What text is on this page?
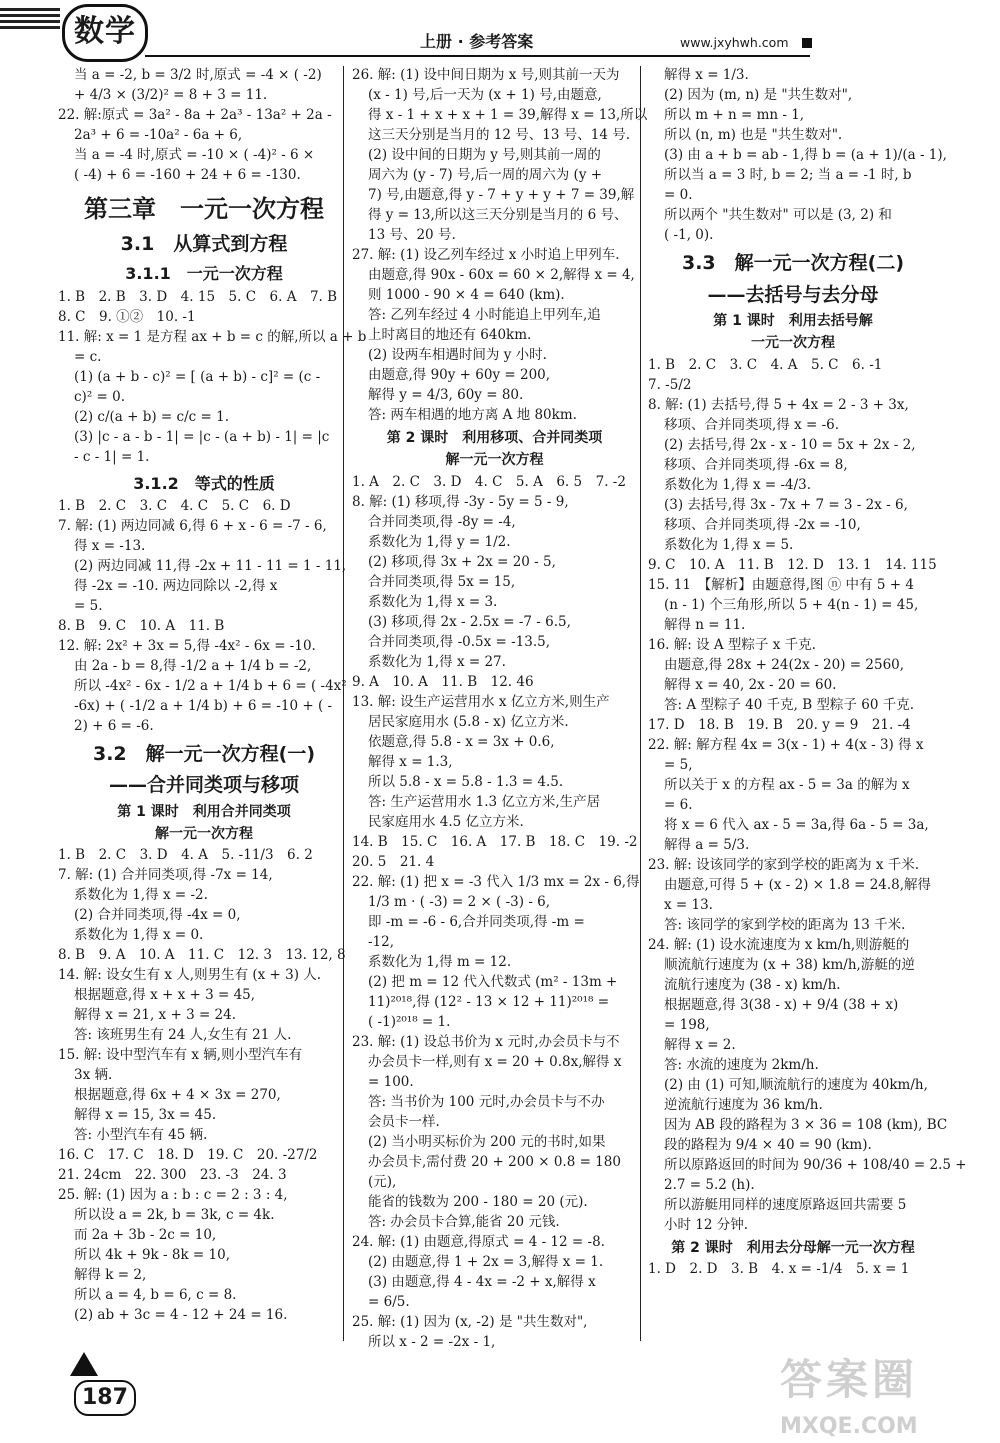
数学	上册 · 参考答案	www.jxyhwh.com

当 a = -2, b = 3/2 时,原式 = -4 × ( -2)

+ 4/3 × (3/2)² = 8 + 3 = 11.

22. 解:原式 = 3a² - 8a + 2a³ - 13a² + 2a -

2a³ + 6 = -10a² - 6a + 6,

当 a = -4 时,原式 = -10 × ( -4)² - 6 ×

( -4) + 6 = -160 + 24 + 6 = -130.

第三章　一元一次方程

3.1　从算式到方程

3.1.1　一元一次方程

1. B　2. B　3. D　4. 15　5. C　6. A　7. B

8. C　9. ①②　10. -1

11. 解: x = 1 是方程 ax + b = c 的解,所以 a + b

= c.

(1) (a + b - c)² = [ (a + b) - c]² = (c -

c)² = 0.

(2) c/(a + b) = c/c = 1.

(3) |c - a - b - 1| = |c - (a + b) - 1| = |c

- c - 1| = 1.

3.1.2　等式的性质

1. B　2. C　3. C　4. C　5. C　6. D

7. 解: (1) 两边同减 6,得 6 + x - 6 = -7 - 6,

得 x = -13.

(2) 两边同减 11,得 -2x + 11 - 11 = 1 - 11,

得 -2x = -10. 两边同除以 -2,得 x

= 5.

8. B　9. C　10. A　11. B

12. 解: 2x² + 3x = 5,得 -4x² - 6x = -10.

由 2a - b = 8,得 -1/2 a + 1/4 b = -2,

所以 -4x² - 6x - 1/2 a + 1/4 b + 6 = ( -4x²

-6x) + ( -1/2 a + 1/4 b) + 6 = -10 + ( -

2) + 6 = -6.

3.2　解一元一次方程(一)

——合并同类项与移项

第 1 课时　利用合并同类项

解一元一次方程

1. B　2. C　3. D　4. A　5. -11/3　6. 2

7. 解: (1) 合并同类项,得 -7x = 14,

系数化为 1,得 x = -2.

(2) 合并同类项,得 -4x = 0,

系数化为 1,得 x = 0.

8. B　9. A　10. A　11. C　12. 3　13. 12, 8

14. 解: 设女生有 x 人,则男生有 (x + 3) 人.

根据题意,得 x + x + 3 = 45,

解得 x = 21, x + 3 = 24.

答: 该班男生有 24 人,女生有 21 人.

15. 解: 设中型汽车有 x 辆,则小型汽车有

3x 辆.

根据题意,得 6x + 4 × 3x = 270,

解得 x = 15, 3x = 45.

答: 小型汽车有 45 辆.

16. C　17. C　18. D　19. C　20. -27/2

21. 24cm　22. 300　23. -3　24. 3

25. 解: (1) 因为 a : b : c = 2 : 3 : 4,

所以设 a = 2k, b = 3k, c = 4k.

而 2a + 3b - 2c = 10,

所以 4k + 9k - 8k = 10,

解得 k = 2,

所以 a = 4, b = 6, c = 8.

(2) ab + 3c = 4 - 12 + 24 = 16.

26. 解: (1) 设中间日期为 x 号,则其前一天为

(x - 1) 号,后一天为 (x + 1) 号,由题意,

得 x - 1 + x + x + 1 = 39,解得 x = 13,所以

这三天分别是当月的 12 号、13 号、14 号.

(2) 设中间的日期为 y 号,则其前一周的

周六为 (y - 7) 号,后一周的周六为 (y +

7) 号,由题意,得 y - 7 + y + y + 7 = 39,解

得 y = 13,所以这三天分别是当月的 6 号、

13 号、20 号.

27. 解: (1) 设乙列车经过 x 小时追上甲列车.

由题意,得 90x - 60x = 60 × 2,解得 x = 4,

则 1000 - 90 × 4 = 640 (km).

答: 乙列车经过 4 小时能追上甲列车,追

上时离目的地还有 640km.

(2) 设两车相遇时间为 y 小时.

由题意,得 90y + 60y = 200,

解得 y = 4/3, 60y = 80.

答: 两车相遇的地方离 A 地 80km.

第 2 课时　利用移项、合并同类项

解一元一次方程

1. A　2. C　3. D　4. C　5. A　6. 5　7. -2

8. 解: (1) 移项,得 -3y - 5y = 5 - 9,

合并同类项,得 -8y = -4,

系数化为 1,得 y = 1/2.

(2) 移项,得 3x + 2x = 20 - 5,

合并同类项,得 5x = 15,

系数化为 1,得 x = 3.

(3) 移项,得 2x - 2.5x = -7 - 6.5,

合并同类项,得 -0.5x = -13.5,

系数化为 1,得 x = 27.

9. A　10. A　11. B　12. 46

13. 解: 设生产运营用水 x 亿立方米,则生产

居民家庭用水 (5.8 - x) 亿立方米.

依题意,得 5.8 - x = 3x + 0.6,

解得 x = 1.3,

所以 5.8 - x = 5.8 - 1.3 = 4.5.

答: 生产运营用水 1.3 亿立方米,生产居

民家庭用水 4.5 亿立方米.

14. B　15. C　16. A　17. B　18. C　19. -2

20. 5　21. 4

22. 解: (1) 把 x = -3 代入 1/3 mx = 2x - 6,得

1/3 m · ( -3) = 2 × ( -3) - 6,

即 -m = -6 - 6,合并同类项,得 -m =

-12,

系数化为 1,得 m = 12.

(2) 把 m = 12 代入代数式 (m² - 13m +

11)²⁰¹⁸,得 (12² - 13 × 12 + 11)²⁰¹⁸ =

( -1)²⁰¹⁸ = 1.

23. 解: (1) 设总书价为 x 元时,办会员卡与不

办会员卡一样,则有 x = 20 + 0.8x,解得 x

= 100.

答: 当书价为 100 元时,办会员卡与不办

会员卡一样.

(2) 当小明买标价为 200 元的书时,如果

办会员卡,需付费 20 + 200 × 0.8 = 180

(元),

能省的钱数为 200 - 180 = 20 (元).

答: 办会员卡合算,能省 20 元钱.

24. 解: (1) 由题意,得原式 = 4 - 12 = -8.

(2) 由题意,得 1 + 2x = 3,解得 x = 1.

(3) 由题意,得 4 - 4x = -2 + x,解得 x

= 6/5.

25. 解: (1) 因为 (x, -2) 是 "共生数对",

所以 x - 2 = -2x - 1,

解得 x = 1/3.

(2) 因为 (m, n) 是 "共生数对",

所以 m + n = mn - 1,

所以 (n, m) 也是 "共生数对".

(3) 由 a + b = ab - 1,得 b = (a + 1)/(a - 1),

所以当 a = 3 时, b = 2; 当 a = -1 时, b

= 0.

所以两个 "共生数对" 可以是 (3, 2) 和

( -1, 0).

3.3　解一元一次方程(二)

——去括号与去分母

第 1 课时　利用去括号解

一元一次方程

1. B　2. C　3. C　4. A　5. C　6. -1

7. -5/2

8. 解: (1) 去括号,得 5 + 4x = 2 - 3 + 3x,

移项、合并同类项,得 x = -6.

(2) 去括号,得 2x - x - 10 = 5x + 2x - 2,

移项、合并同类项,得 -6x = 8,

系数化为 1,得 x = -4/3.

(3) 去括号,得 3x - 7x + 7 = 3 - 2x - 6,

移项、合并同类项,得 -2x = -10,

系数化为 1,得 x = 5.

9. C　10. A　11. B　12. D　13. 1　14. 115

15. 11　【解析】由题意得,图 ⓝ 中有 5 + 4

(n - 1) 个三角形,所以 5 + 4(n - 1) = 45,

解得 n = 11.

16. 解: 设 A 型粽子 x 千克.

由题意,得 28x + 24(2x - 20) = 2560,

解得 x = 40, 2x - 20 = 60.

答: A 型粽子 40 千克, B 型粽子 60 千克.

17. D　18. B　19. B　20. y = 9　21. -4

22. 解: 解方程 4x = 3(x - 1) + 4(x - 3) 得 x

= 5,

所以关于 x 的方程 ax - 5 = 3a 的解为 x

= 6.

将 x = 6 代入 ax - 5 = 3a,得 6a - 5 = 3a,

解得 a = 5/3.

23. 解: 设该同学的家到学校的距离为 x 千米.

由题意,可得 5 + (x - 2) × 1.8 = 24.8,解得

x = 13.

答: 该同学的家到学校的距离为 13 千米.

24. 解: (1) 设水流速度为 x km/h,则游艇的

顺流航行速度为 (x + 38) km/h,游艇的逆

流航行速度为 (38 - x) km/h.

根据题意,得 3(38 - x) + 9/4 (38 + x)

= 198,

解得 x = 2.

答: 水流的速度为 2km/h.

(2) 由 (1) 可知,顺流航行的速度为 40km/h,

逆流航行速度为 36 km/h.

因为 AB 段的路程为 3 × 36 = 108 (km), BC

段的路程为 9/4 × 40 = 90 (km).

所以原路返回的时间为 90/36 + 108/40 = 2.5 +

2.7 = 5.2 (h).

所以游艇用同样的速度原路返回共需要 5

小时 12 分钟.

第 2 课时　利用去分母解一元一次方程

1. D　2. D　3. B　4. x = -1/4　5. x = 1

187	答案圈
MXQE.COM
